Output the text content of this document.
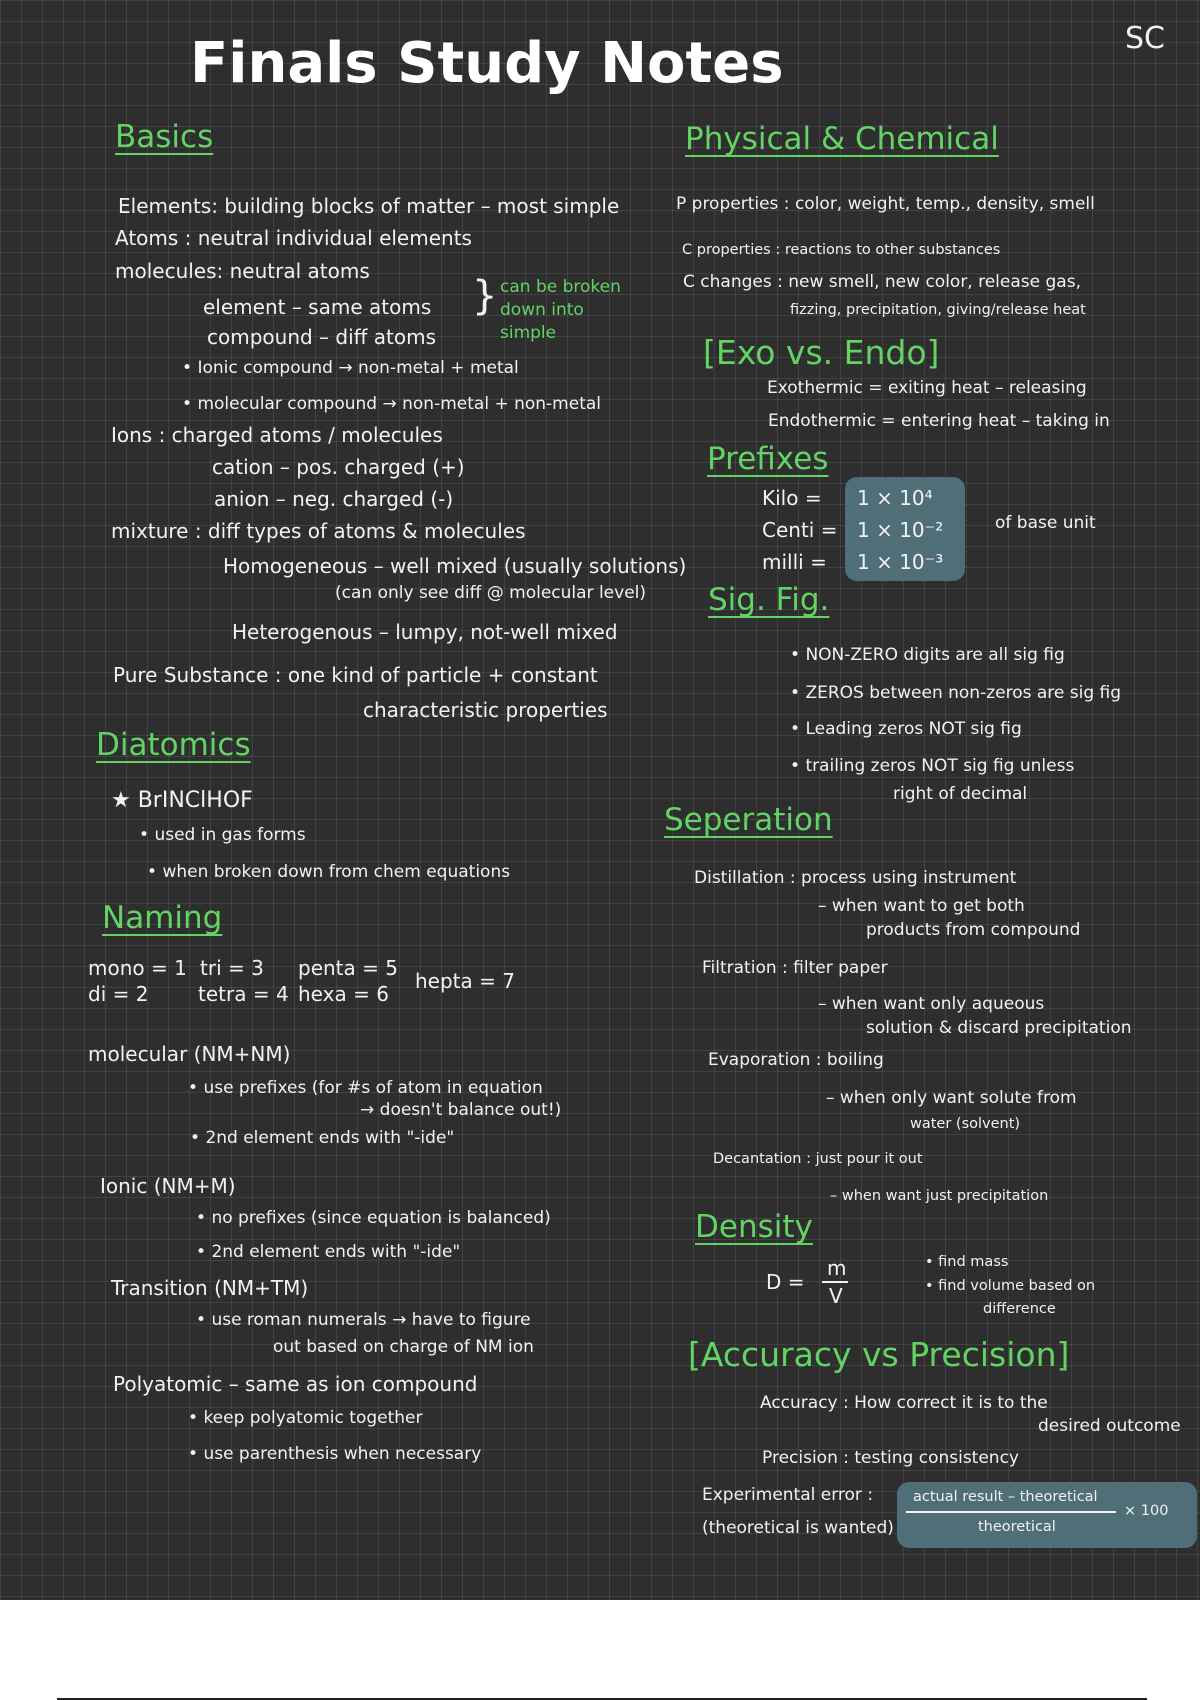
Finals Study Notes	SC
Basics
Elements: building blocks of matter – most simple
Atoms : neutral individual elements
molecules: neutral atoms
element – same atoms
compound – diff atoms
} can be broken down into simple
• Ionic compound → non-metal + metal
• molecular compound → non-metal + non-metal
Ions : charged atoms / molecules
cation – pos. charged (+)
anion – neg. charged (-)
mixture : diff types of atoms & molecules
Homogeneous – well mixed (usually solutions)
(can only see diff @ molecular level)
Heterogenous – lumpy, not-well mixed
Pure Substance : one kind of particle + constant
characteristic properties
Diatomics
★ BrINClHOF
• used in gas forms
• when broken down from chem equations
Naming
mono = 1
di = 2
tri = 3
tetra = 4
penta = 5
hexa = 6
hepta = 7
molecular (NM+NM)
• use prefixes (for #s of atom in equation
→ doesn't balance out!)
• 2nd element ends with "-ide"
Ionic (NM+M)
• no prefixes (since equation is balanced)
• 2nd element ends with "-ide"
Transition (NM+TM)
• use roman numerals → have to figure
out based on charge of NM ion
Polyatomic – same as ion compound
• keep polyatomic together
• use parenthesis when necessary
Physical & Chemical
P properties : color, weight, temp., density, smell
C properties : reactions to other substances
C changes : new smell, new color, release gas,
fizzing, precipitation, giving/release heat
[Exo vs. Endo]
Exothermic = exiting heat – releasing
Endothermic = entering heat – taking in
Prefixes
Kilo = 1 × 10⁴
Centi = 1 × 10⁻²
milli = 1 × 10⁻³
of base unit
Sig. Fig.
• NON-ZERO digits are all sig fig
• ZEROS between non-zeros are sig fig
• Leading zeros NOT sig fig
• trailing zeros NOT sig fig unless
right of decimal
Seperation
Distillation : process using instrument
– when want to get both
products from compound
Filtration : filter paper
– when want only aqueous
solution & discard precipitation
Evaporation : boiling
– when only want solute from
water (solvent)
Decantation : just pour it out
– when want just precipitation
Density
D =
m
V
• find mass
• find volume based on
difference
[Accuracy vs Precision]
Accuracy : How correct it is to the
desired outcome
Precision : testing consistency
Experimental error :
(theoretical is wanted)
actual result – theoretical
theoretical
× 100
